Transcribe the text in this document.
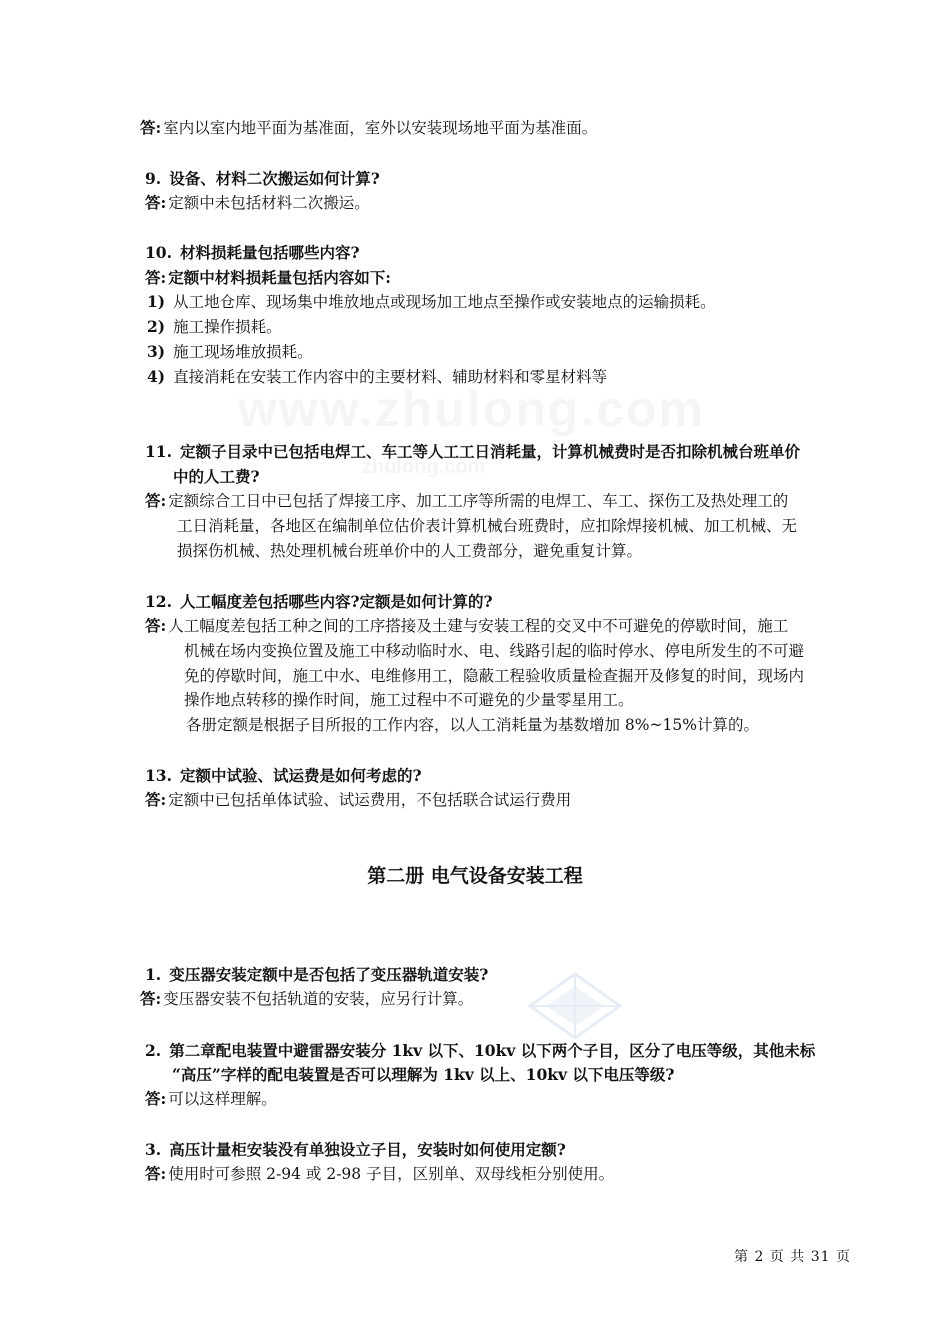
答: 室内以室内地平面为基准面，室外以安装现场地平面为基准面。
9. 设备、材料二次搬运如何计算?
答: 定额中未包括材料二次搬运。
10. 材料损耗量包括哪些内容?
答: 定额中材料损耗量包括内容如下:
1) 从工地仓库、现场集中堆放地点或现场加工地点至操作或安装地点的运输损耗。
2) 施工操作损耗。
3) 施工现场堆放损耗。
4) 直接消耗在安装工作内容中的主要材料、辅助材料和零星材料等
11. 定额子目录中已包括电焊工、车工等人工工日消耗量，计算机械费时是否扣除机械台班单价
中的人工费?
答: 定额综合工日中已包括了焊接工序、加工工序等所需的电焊工、车工、探伤工及热处理工的
工日消耗量，各地区在编制单位估价表计算机械台班费时，应扣除焊接机械、加工机械、无
损探伤机械、热处理机械台班单价中的人工费部分，避免重复计算。
12. 人工幅度差包括哪些内容?定额是如何计算的?
答: 人工幅度差包括工种之间的工序搭接及土建与安装工程的交叉中不可避免的停歇时间，施工
机械在场内变换位置及施工中移动临时水、电、线路引起的临时停水、停电所发生的不可避
免的停歇时间，施工中水、电维修用工，隐蔽工程验收质量检查掘开及修复的时间，现场内
操作地点转移的操作时间，施工过程中不可避免的少量零星用工。
各册定额是根据子目所报的工作内容，以人工消耗量为基数增加 8%~15%计算的。
13. 定额中试验、试运费是如何考虑的?
答: 定额中已包括单体试验、试运费用，不包括联合试运行费用
1. 变压器安装定额中是否包括了变压器轨道安装?
答: 变压器安装不包括轨道的安装，应另行计算。
2. 第二章配电装置中避雷器安装分 1kv 以下、10kv 以下两个子目，区分了电压等级，其他未标
“高压”字样的配电装置是否可以理解为 1kv 以上、10kv 以下电压等级?
答: 可以这样理解。
3. 高压计量柜安装没有单独设立子目，安装时如何使用定额?
答: 使用时可参照 2-94 或 2-98 子目，区别单、双母线柜分别使用。
第二册 电气设备安装工程
第 2 页 共 31 页
